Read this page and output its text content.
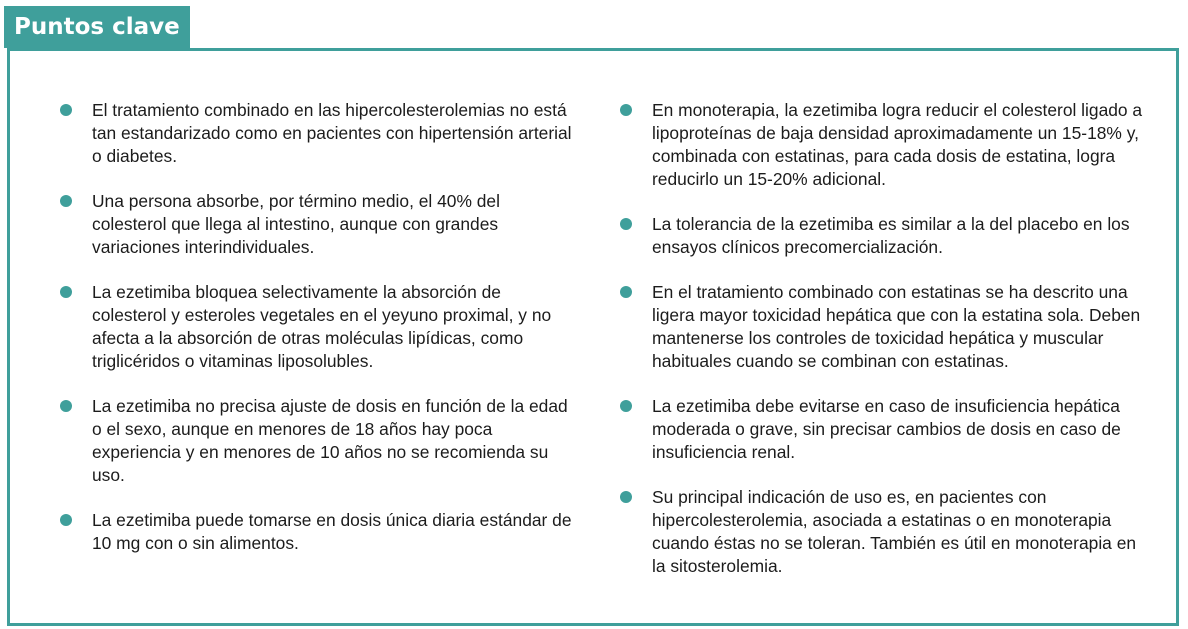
Puntos clave
El tratamiento combinado en las hipercolesterolemias no está tan estandarizado como en pacientes con hipertensión arterial o diabetes.
Una persona absorbe, por término medio, el 40% del colesterol que llega al intestino, aunque con grandes variaciones interindividuales.
La ezetimiba bloquea selectivamente la absorción de colesterol y esteroles vegetales en el yeyuno proximal, y no afecta a la absorción de otras moléculas lipídicas, como triglicéridos o vitaminas liposolubles.
La ezetimiba no precisa ajuste de dosis en función de la edad o el sexo, aunque en menores de 18 años hay poca experiencia y en menores de 10 años no se recomienda su uso.
La ezetimiba puede tomarse en dosis única diaria estándar de 10 mg con o sin alimentos.
En monoterapia, la ezetimiba logra reducir el colesterol ligado a lipoproteínas de baja densidad aproximadamente un 15-18% y, combinada con estatinas, para cada dosis de estatina, logra reducirlo un 15-20% adicional.
La tolerancia de la ezetimiba es similar a la del placebo en los ensayos clínicos precomercialización.
En el tratamiento combinado con estatinas se ha descrito una ligera mayor toxicidad hepática que con la estatina sola. Deben mantenerse los controles de toxicidad hepática y muscular habituales cuando se combinan con estatinas.
La ezetimiba debe evitarse en caso de insuficiencia hepática moderada o grave, sin precisar cambios de dosis en caso de insuficiencia renal.
Su principal indicación de uso es, en pacientes con hipercolesterolemia, asociada a estatinas o en monoterapia cuando éstas no se toleran. También es útil en monoterapia en la sitosterolemia.
